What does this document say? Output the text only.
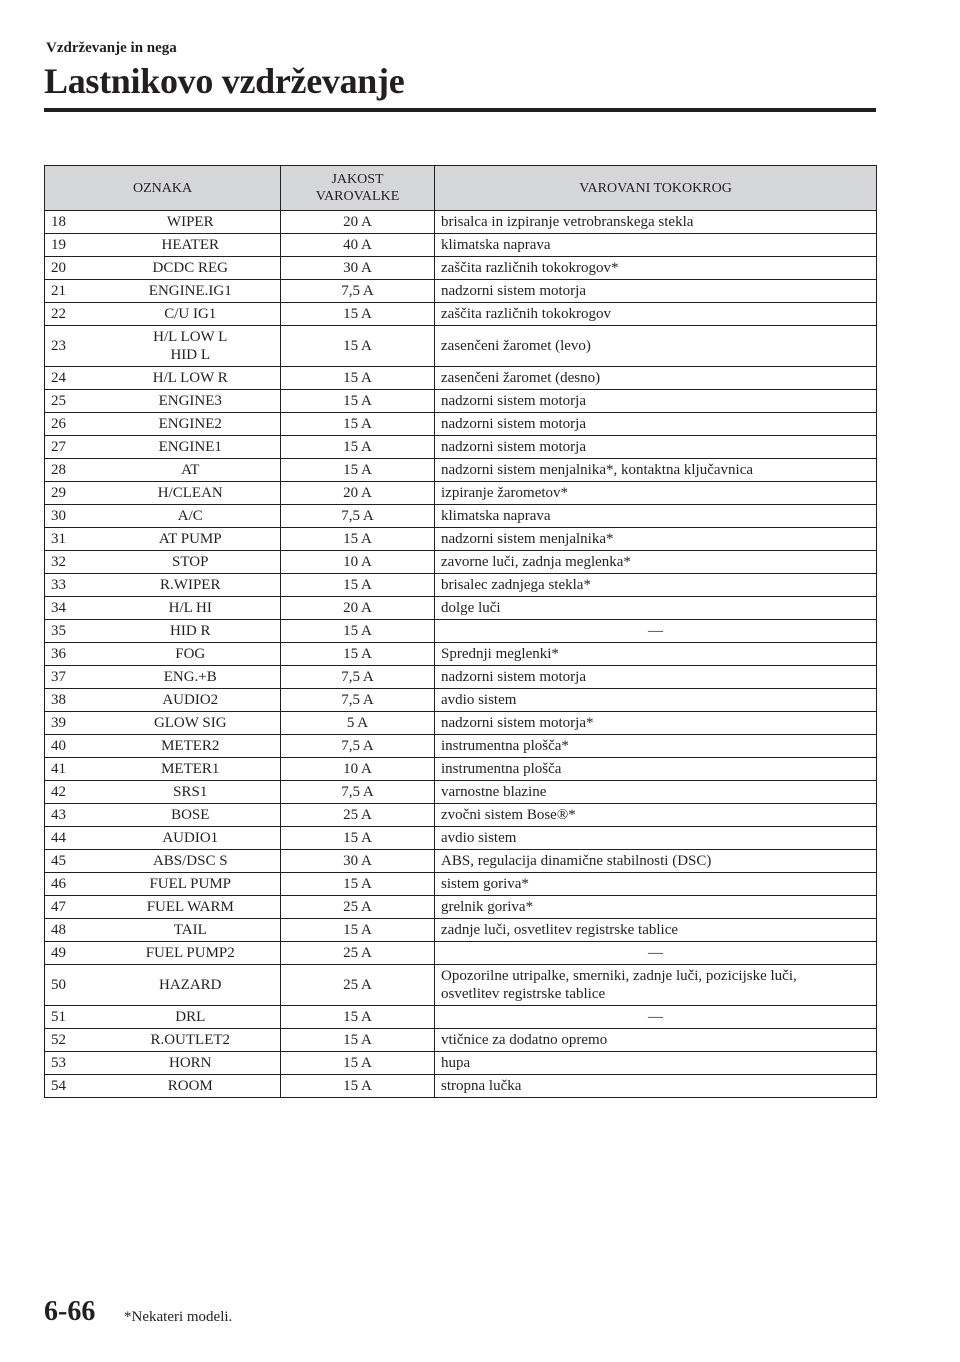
Vzdrževanje in nega
Lastnikovo vzdrževanje
OZNAKA		JAKOST
VAROVALKE	VAROVANI TOKOKROG
18	WIPER	20 A	brisalca in izpiranje vetrobranskega stekla
19	HEATER	40 A	klimatska naprava
20	DCDC REG	30 A	zaščita različnih tokokrogov*
21	ENGINE.IG1	7,5 A	nadzorni sistem motorja
22	C/U IG1	15 A	zaščita različnih tokokrogov
23	H/L LOW L
HID L	15 A	zasenčeni žaromet (levo)
24	H/L LOW R	15 A	zasenčeni žaromet (desno)
25	ENGINE3	15 A	nadzorni sistem motorja
26	ENGINE2	15 A	nadzorni sistem motorja
27	ENGINE1	15 A	nadzorni sistem motorja
28	AT	15 A	nadzorni sistem menjalnika*, kontaktna ključavnica
29	H/CLEAN	20 A	izpiranje žarometov*
30	A/C	7,5 A	klimatska naprava
31	AT PUMP	15 A	nadzorni sistem menjalnika*
32	STOP	10 A	zavorne luči, zadnja meglenka*
33	R.WIPER	15 A	brisalec zadnjega stekla*
34	H/L HI	20 A	dolge luči
35	HID R	15 A	—
36	FOG	15 A	Sprednji meglenki*
37	ENG.+B	7,5 A	nadzorni sistem motorja
38	AUDIO2	7,5 A	avdio sistem
39	GLOW SIG	5 A	nadzorni sistem motorja*
40	METER2	7,5 A	instrumentna plošča*
41	METER1	10 A	instrumentna plošča
42	SRS1	7,5 A	varnostne blazine
43	BOSE	25 A	zvočni sistem Bose®*
44	AUDIO1	15 A	avdio sistem
45	ABS/DSC S	30 A	ABS, regulacija dinamične stabilnosti (DSC)
46	FUEL PUMP	15 A	sistem goriva*
47	FUEL WARM	25 A	grelnik goriva*
48	TAIL	15 A	zadnje luči, osvetlitev registrske tablice
49	FUEL PUMP2	25 A	—
50	HAZARD	25 A	Opozorilne utripalke, smerniki, zadnje luči, pozicijske luči,
osvetlitev registrske tablice
51	DRL	15 A	—
52	R.OUTLET2	15 A	vtičnice za dodatno opremo
53	HORN	15 A	hupa
54	ROOM	15 A	stropna lučka
6-66 *Nekateri modeli.
